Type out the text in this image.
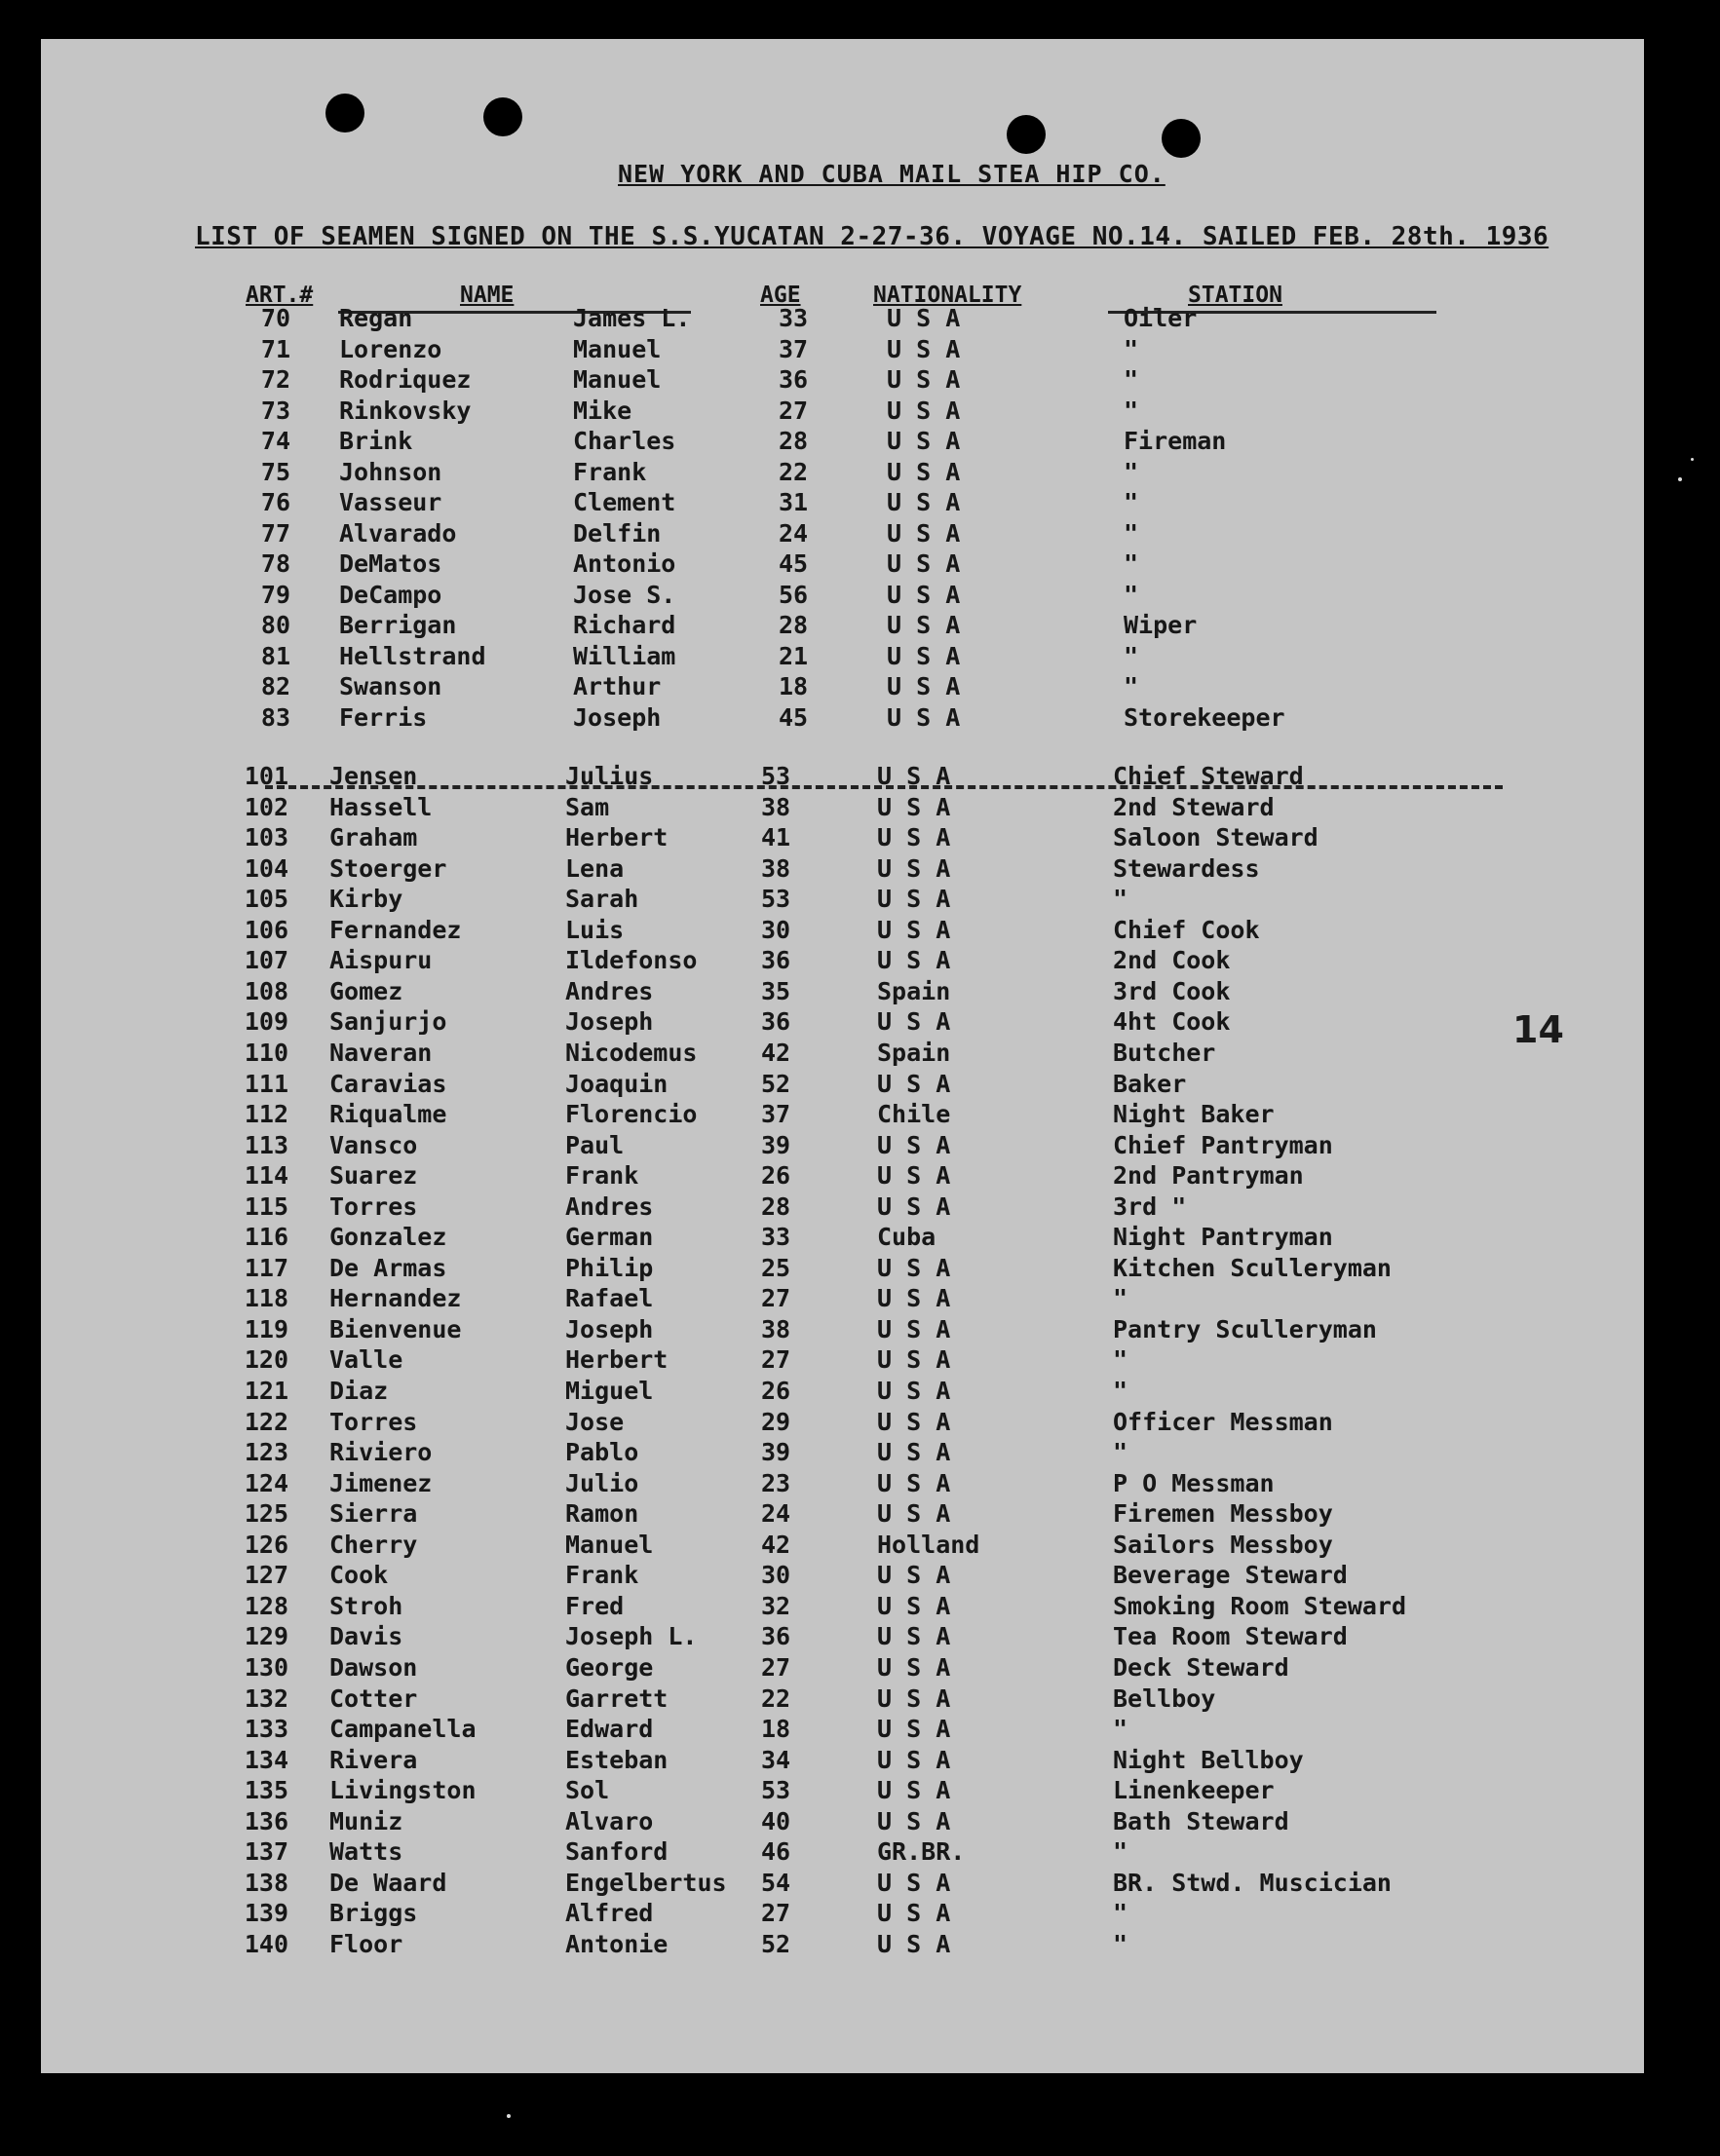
NEW YORK AND CUBA MAIL STEA HIP CO.
LIST OF SEAMEN SIGNED ON THE S.S.YUCATAN 2-27-36. VOYAGE NO.14. SAILED FEB. 28th. 1936
ART.#	NAME	AGE	NATIONALITY	STATION
70 Regan	James L.	33	U S A	Oiler
71 Lorenzo	Manuel	37	U S A	"
72 Rodriquez	Manuel	36	U S A	"
73 Rinkovsky	Mike	27	U S A	"
74 Brink	Charles	28	U S A	Fireman
75 Johnson	Frank	22	U S A	"
76 Vasseur	Clement	31	U S A	"
77 Alvarado	Delfin	24	U S A	"
78 DeMatos	Antonio	45	U S A	"
79 DeCampo	Jose S.	56	U S A	"
80 Berrigan	Richard	28	U S A	Wiper
81 Hellstrand	William	21	U S A	"
82 Swanson	Arthur	18	U S A	"
83 Ferris	Joseph	45	U S A	Storekeeper
101 Jensen	Julius	53	U S A	Chief Steward
102 Hassell	Sam	38	U S A	2nd Steward
103 Graham	Herbert	41	U S A	Saloon Steward
104 Stoerger	Lena	38	U S A	Stewardess
105 Kirby	Sarah	53	U S A	"
106 Fernandez	Luis	30	U S A	Chief Cook
107 Aispuru	Ildefonso	36	U S A	2nd Cook
108 Gomez	Andres	35	Spain	3rd Cook
109 Sanjurjo	Joseph	36	U S A	4ht Cook
110 Naveran	Nicodemus	42	Spain	Butcher
111 Caravias	Joaquin	52	U S A	Baker
112 Riqualme	Florencio	37	Chile	Night Baker
113 Vansco	Paul	39	U S A	Chief Pantryman
114 Suarez	Frank	26	U S A	2nd Pantryman
115 Torres	Andres	28	U S A	3rd "
116 Gonzalez	German	33	Cuba	Night Pantryman
117 De Armas	Philip	25	U S A	Kitchen Sculleryman
118 Hernandez	Rafael	27	U S A	"
119 Bienvenue	Joseph	38	U S A	Pantry Sculleryman
120 Valle	Herbert	27	U S A	"
121 Diaz	Miguel	26	U S A	"
122 Torres	Jose	29	U S A	Officer Messman
123 Riviero	Pablo	39	U S A	"
124 Jimenez	Julio	23	U S A	P O Messman
125 Sierra	Ramon	24	U S A	Firemen Messboy
126 Cherry	Manuel	42	Holland	Sailors Messboy
127 Cook	Frank	30	U S A	Beverage Steward
128 Stroh	Fred	32	U S A	Smoking Room Steward
129 Davis	Joseph L.	36	U S A	Tea Room Steward
130 Dawson	George	27	U S A	Deck Steward
132 Cotter	Garrett	22	U S A	Bellboy
133 Campanella	Edward	18	U S A	"
134 Rivera	Esteban	34	U S A	Night Bellboy
135 Livingston	Sol	53	U S A	Linenkeeper
136 Muniz	Alvaro	40	U S A	Bath Steward
137 Watts	Sanford	46	GR.BR.	"
138 De Waard	Engelbertus 54	U S A	BR. Stwd. Muscician
139 Briggs	Alfred	27	U S A	"
140 Floor	Antonie	52	U S A	"
14
